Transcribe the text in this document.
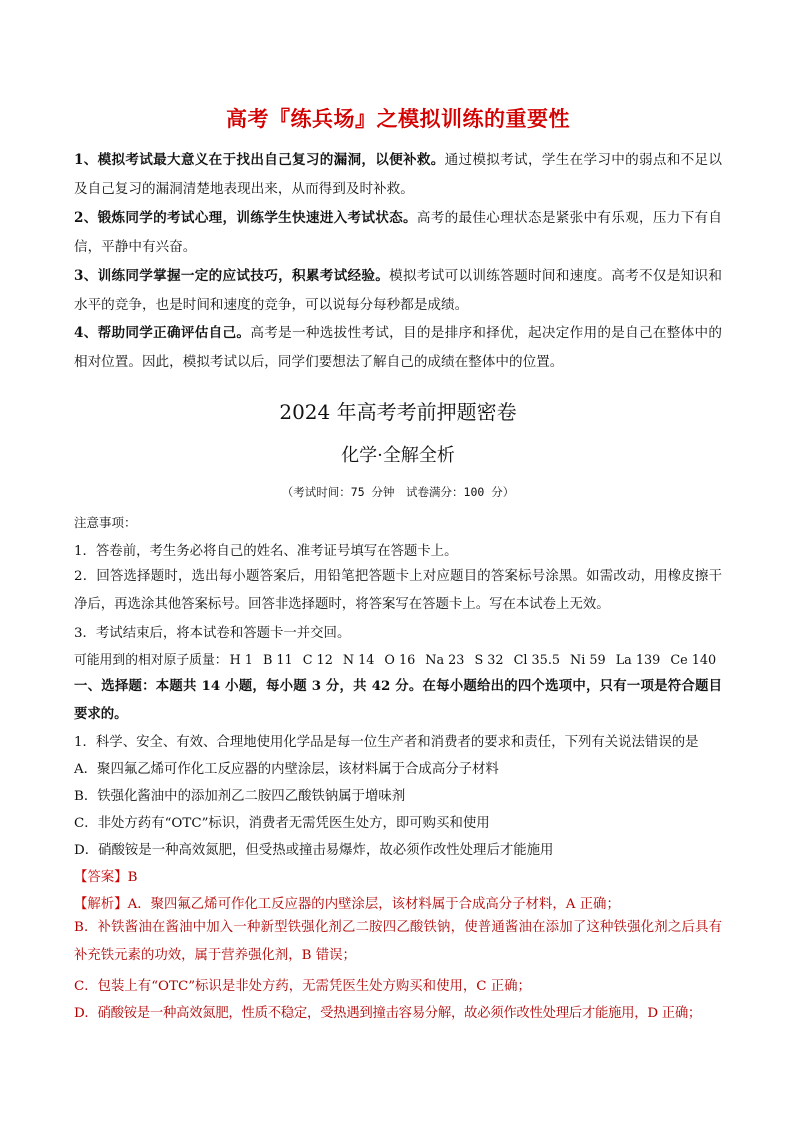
高考『练兵场』之模拟训练的重要性
1、模拟考试最大意义在于找出自己复习的漏洞，以便补救。通过模拟考试，学生在学习中的弱点和不足以及自己复习的漏洞清楚地表现出来，从而得到及时补救。
2、锻炼同学的考试心理，训练学生快速进入考试状态。高考的最佳心理状态是紧张中有乐观，压力下有自信，平静中有兴奋。
3、训练同学掌握一定的应试技巧，积累考试经验。模拟考试可以训练答题时间和速度。高考不仅是知识和水平的竞争，也是时间和速度的竞争，可以说每分每秒都是成绩。
4、帮助同学正确评估自己。高考是一种选拔性考试，目的是排序和择优，起决定作用的是自己在整体中的相对位置。因此，模拟考试以后，同学们要想法了解自己的成绩在整体中的位置。
2024 年高考考前押题密卷
化学·全解全析
（考试时间：75 分钟　试卷满分：100 分）
注意事项：
1．答卷前，考生务必将自己的姓名、准考证号填写在答题卡上。
2．回答选择题时，选出每小题答案后，用铅笔把答题卡上对应题目的答案标号涂黑。如需改动，用橡皮擦干净后，再选涂其他答案标号。回答非选择题时，将答案写在答题卡上。写在本试卷上无效。
3．考试结束后，将本试卷和答题卡一并交回。
可能用到的相对原子质量： H 1 B 11 C 12 N 14 O 16 Na 23 S 32 Cl 35.5 Ni 59 La 139 Ce 140
一、选择题：本题共 14 小题，每小题 3 分，共 42 分。在每小题给出的四个选项中，只有一项是符合题目要求的。
1．科学、安全、有效、合理地使用化学品是每一位生产者和消费者的要求和责任，下列有关说法错误的是
A．聚四氟乙烯可作化工反应器的内壁涂层，该材料属于合成高分子材料
B．铁强化酱油中的添加剂乙二胺四乙酸铁钠属于增味剂
C．非处方药有“OTC”标识，消费者无需凭医生处方，即可购买和使用
D．硝酸铵是一种高效氮肥，但受热或撞击易爆炸，故必须作改性处理后才能施用
【答案】B
【解析】A．聚四氟乙烯可作化工反应器的内壁涂层，该材料属于合成高分子材料，A 正确；
B．补铁酱油在酱油中加入一种新型铁强化剂乙二胺四乙酸铁钠，使普通酱油在添加了这种铁强化剂之后具有补充铁元素的功效，属于营养强化剂，B 错误；
C．包装上有“OTC”标识是非处方药，无需凭医生处方购买和使用，C 正确；
D．硝酸铵是一种高效氮肥，性质不稳定，受热遇到撞击容易分解，故必须作改性处理后才能施用，D 正确；
